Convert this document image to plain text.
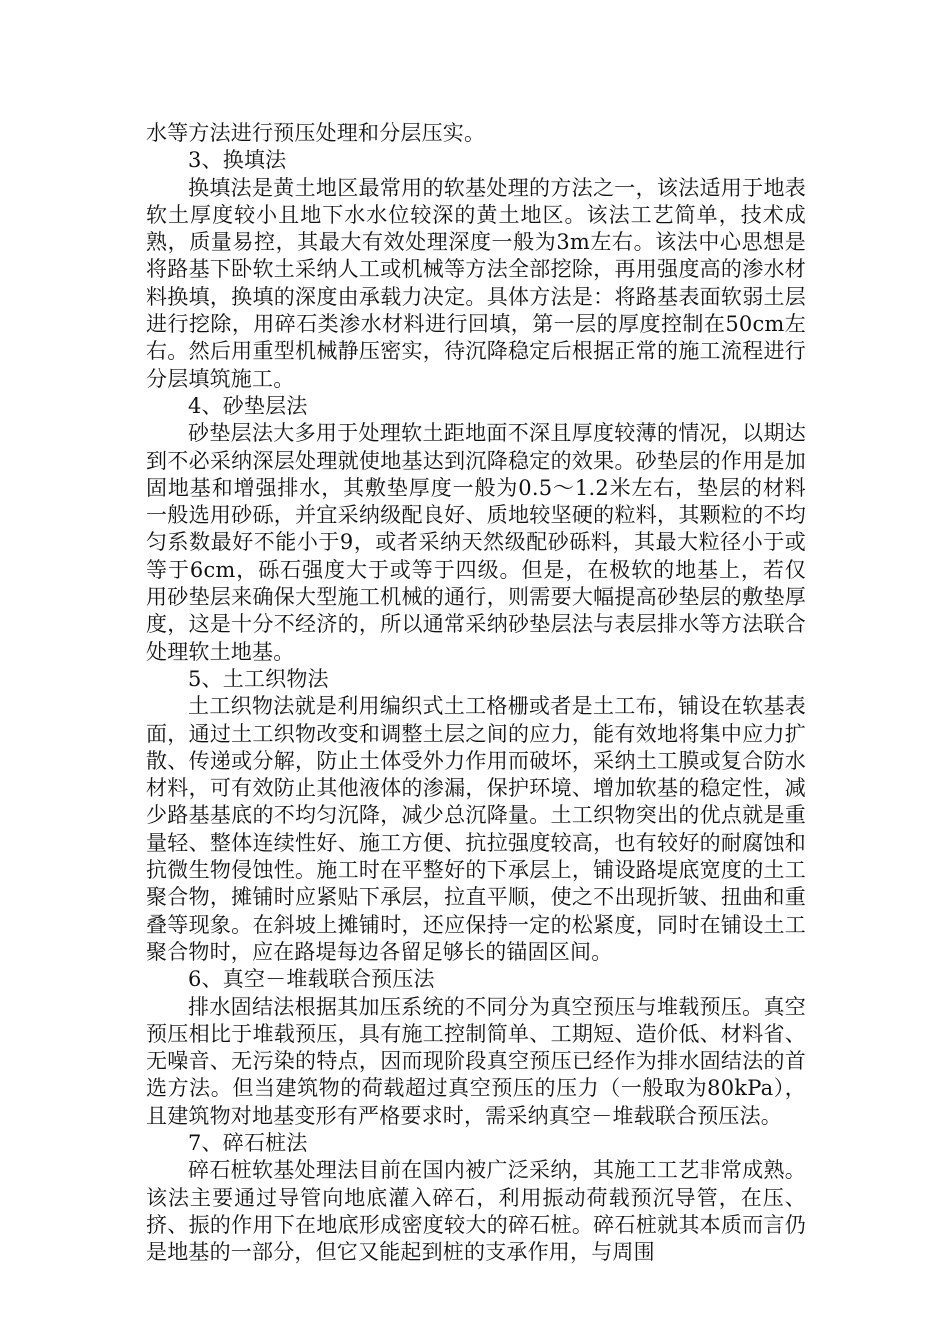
水等方法进行预压处理和分层压实。

3、换填法

换填法是黄土地区最常用的软基处理的方法之一，该法适用于地表软土厚度较小且地下水水位较深的黄土地区。该法工艺简单，技术成熟，质量易控，其最大有效处理深度一般为3m左右。该法中心思想是将路基下卧软土采纳人工或机械等方法全部挖除，再用强度高的渗水材料换填，换填的深度由承载力决定。具体方法是：将路基表面软弱土层进行挖除，用碎石类渗水材料进行回填，第一层的厚度控制在50cm左右。然后用重型机械静压密实，待沉降稳定后根据正常的施工流程进行分层填筑施工。

4、砂垫层法

砂垫层法大多用于处理软土距地面不深且厚度较薄的情况，以期达到不必采纳深层处理就使地基达到沉降稳定的效果。砂垫层的作用是加固地基和增强排水，其敷垫厚度一般为0.5～1.2米左右，垫层的材料一般选用砂砾，并宜采纳级配良好、质地较坚硬的粒料，其颗粒的不均匀系数最好不能小于9，或者采纳天然级配砂砾料，其最大粒径小于或等于6cm，砾石强度大于或等于四级。但是，在极软的地基上，若仅用砂垫层来确保大型施工机械的通行，则需要大幅提高砂垫层的敷垫厚度，这是十分不经济的，所以通常采纳砂垫层法与表层排水等方法联合处理软土地基。

5、土工织物法

土工织物法就是利用编织式土工格栅或者是土工布，铺设在软基表面，通过土工织物改变和调整土层之间的应力，能有效地将集中应力扩散、传递或分解，防止土体受外力作用而破坏，采纳土工膜或复合防水材料，可有效防止其他液体的渗漏，保护环境、增加软基的稳定性，减少路基基底的不均匀沉降，减少总沉降量。土工织物突出的优点就是重量轻、整体连续性好、施工方便、抗拉强度较高，也有较好的耐腐蚀和抗微生物侵蚀性。施工时在平整好的下承层上，铺设路堤底宽度的土工聚合物，摊铺时应紧贴下承层，拉直平顺，使之不出现折皱、扭曲和重叠等现象。在斜坡上摊铺时，还应保持一定的松紧度，同时在铺设土工聚合物时，应在路堤每边各留足够长的锚固区间。

6、真空－堆载联合预压法

排水固结法根据其加压系统的不同分为真空预压与堆载预压。真空预压相比于堆载预压，具有施工控制简单、工期短、造价低、材料省、无噪音、无污染的特点，因而现阶段真空预压已经作为排水固结法的首选方法。但当建筑物的荷载超过真空预压的压力（一般取为80kPa），且建筑物对地基变形有严格要求时，需采纳真空－堆载联合预压法。

7、碎石桩法

碎石桩软基处理法目前在国内被广泛采纳，其施工工艺非常成熟。该法主要通过导管向地底灌入碎石，利用振动荷载预沉导管，在压、挤、振的作用下在地底形成密度较大的碎石桩。碎石桩就其本质而言仍是地基的一部分，但它又能起到桩的支承作用，与周围
